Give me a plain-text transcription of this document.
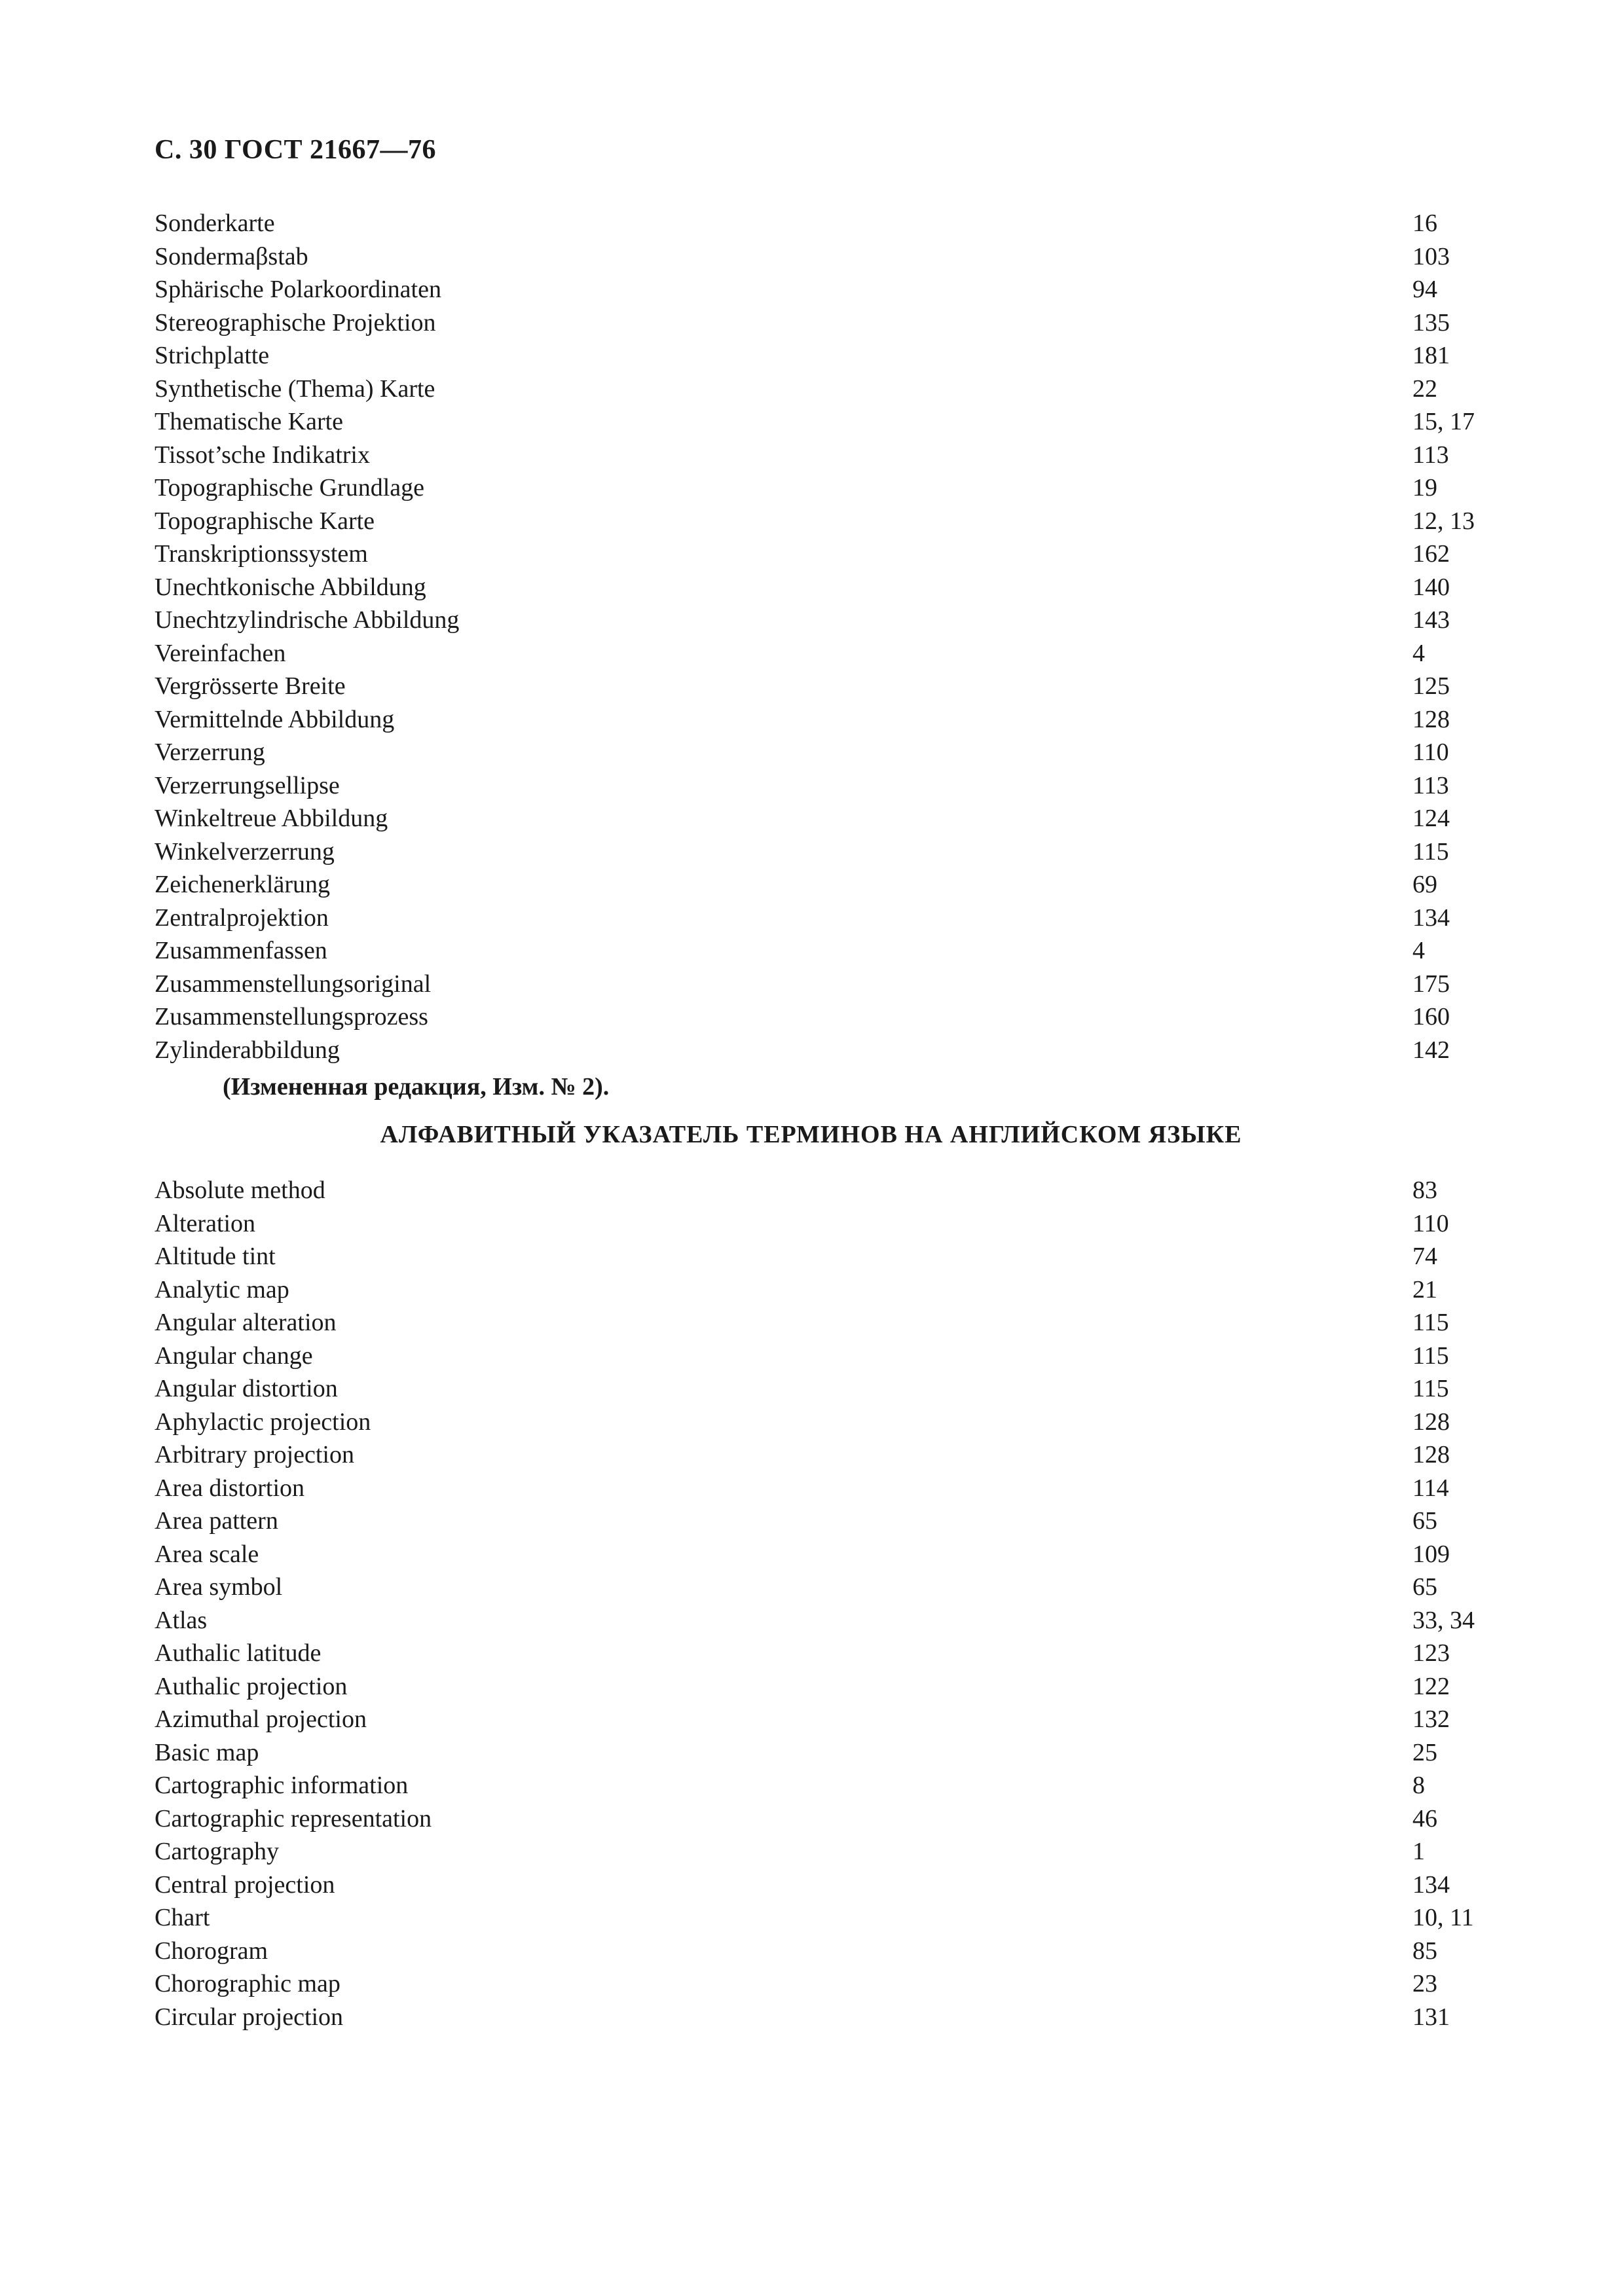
С. 30 ГОСТ 21667—76
Sonderkarte	16
Sondermaβstab	103
Sphärische Polarkoordinaten	94
Stereographische Projektion	135
Strichplatte	181
Synthetische (Thema) Karte	22
Thematische Karte	15, 17
Tissot’sche Indikatrix	113
Topographische Grundlage	19
Topographische Karte	12, 13
Transkriptionssystem	162
Unechtkonische Abbildung	140
Unechtzylindrische Abbildung	143
Vereinfachen	4
Vergrösserte Breite	125
Vermittelnde Abbildung	128
Verzerrung	110
Verzerrungsellipse	113
Winkeltreue Abbildung	124
Winkelverzerrung	115
Zeichenerklärung	69
Zentralprojektion	134
Zusammenfassen	4
Zusammenstellungsoriginal	175
Zusammenstellungsprozess	160
Zylinderabbildung	142
(Измененная редакция, Изм. № 2).
АЛФАВИТНЫЙ УКАЗАТЕЛЬ ТЕРМИНОВ НА АНГЛИЙСКОМ ЯЗЫКЕ
Absolute method	83
Alteration	110
Altitude tint	74
Analytic map	21
Angular alteration	115
Angular change	115
Angular distortion	115
Aphylactic projection	128
Arbitrary projection	128
Area distortion	114
Area pattern	65
Area scale	109
Area symbol	65
Atlas	33, 34
Authalic latitude	123
Authalic projection	122
Azimuthal projection	132
Basic map	25
Cartographic information	8
Cartographic representation	46
Cartography	1
Central projection	134
Chart	10, 11
Chorogram	85
Chorographic map	23
Circular projection	131
